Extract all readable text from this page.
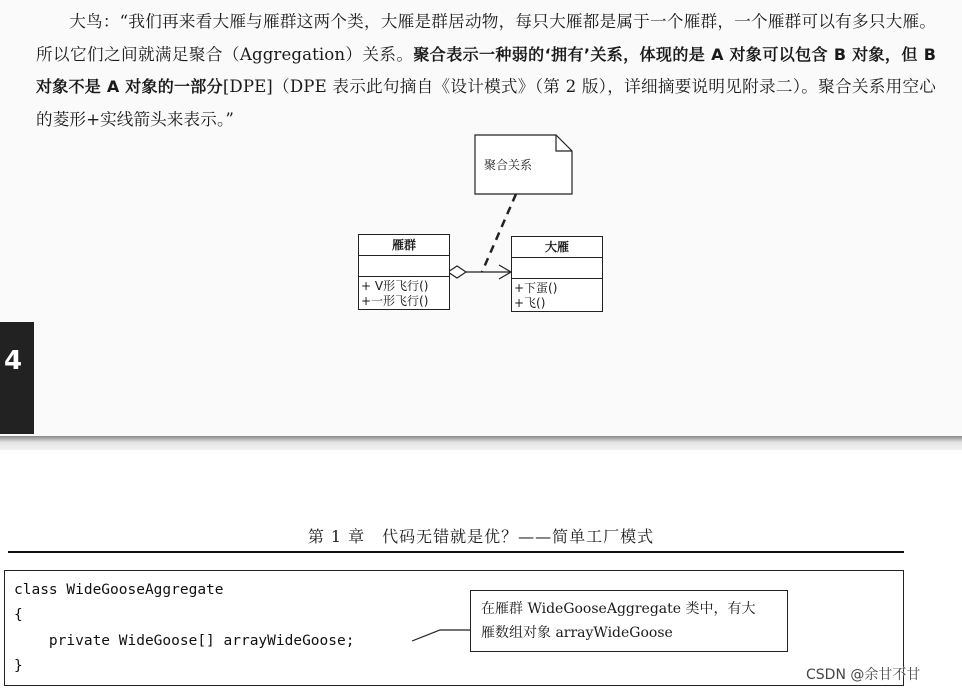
大鸟：“我们再来看大雁与雁群这两个类，大雁是群居动物，每只大雁都是属于一个雁群，一个雁群可以有多只大雁。所以它们之间就满足聚合（Aggregation）关系。聚合表示一种弱的‘拥有’关系，体现的是 A 对象可以包含 B 对象，但 B 对象不是 A 对象的一部分[DPE]（DPE 表示此句摘自《设计模式》（第 2 版），详细摘要说明见附录二）。聚合关系用空心的菱形+实线箭头来表示。”
聚合关系
雁群
+ V形飞行()
+一形飞行()
大雁
+下蛋()
+飞()
4
第 1 章　代码无错就是优？——简单工厂模式
class WideGooseAggregate
{
private WideGoose[] arrayWideGoose;
}
在雁群 WideGooseAggregate 类中，有大
雁数组对象 arrayWideGoose
CSDN @余甘不甘
